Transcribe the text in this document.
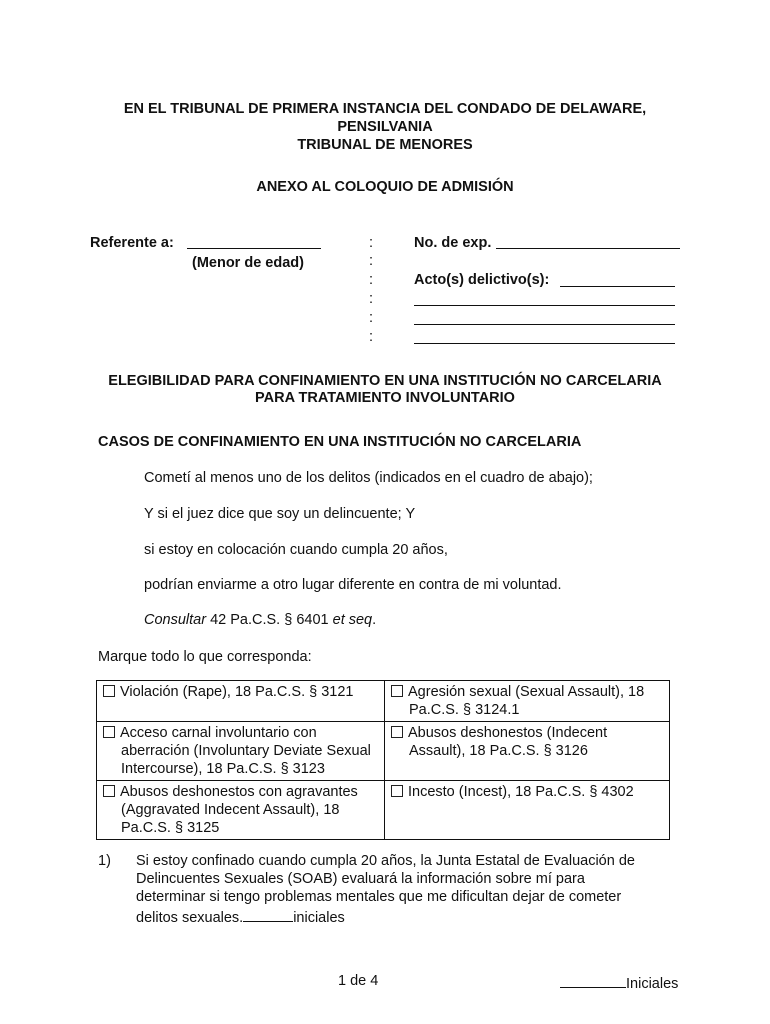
EN EL TRIBUNAL DE PRIMERA INSTANCIA DEL CONDADO DE DELAWARE,
PENSILVANIA
TRIBUNAL DE MENORES
ANEXO AL COLOQUIO DE ADMISIÓN
Referente a:
(Menor de edad)
:
:
:
:
:
:
No. de exp.
Acto(s) delictivo(s):
ELEGIBILIDAD PARA CONFINAMIENTO EN UNA INSTITUCIÓN NO CARCELARIA
PARA TRATAMIENTO INVOLUNTARIO
CASOS DE CONFINAMIENTO EN UNA INSTITUCIÓN NO CARCELARIA
Cometí al menos uno de los delitos (indicados en el cuadro de abajo);
Y si el juez dice que soy un delincuente; Y
si estoy en colocación cuando cumpla 20 años,
podrían enviarme a otro lugar diferente en contra de mi voluntad.
Consultar 42 Pa.C.S. § 6401 et seq.
Marque todo lo que corresponda:
Violación (Rape), 18 Pa.C.S. § 3121	Agresión sexual (Sexual Assault), 18 Pa.C.S. § 3124.1

Acceso carnal involuntario con aberración (Involuntary Deviate Sexual Intercourse), 18 Pa.C.S. § 3123	Abusos deshonestos (Indecent Assault), 18 Pa.C.S. § 3126

Abusos deshonestos con agravantes (Aggravated Indecent Assault), 18 Pa.C.S. § 3125	Incesto (Incest), 18 Pa.C.S. § 4302
1) Si estoy confinado cuando cumpla 20 años, la Junta Estatal de Evaluación de
Delincuentes Sexuales (SOAB) evaluará la información sobre mí para
determinar si tengo problemas mentales que me dificultan dejar de cometer
delitos sexuales.	iniciales
1 de 4	Iniciales
